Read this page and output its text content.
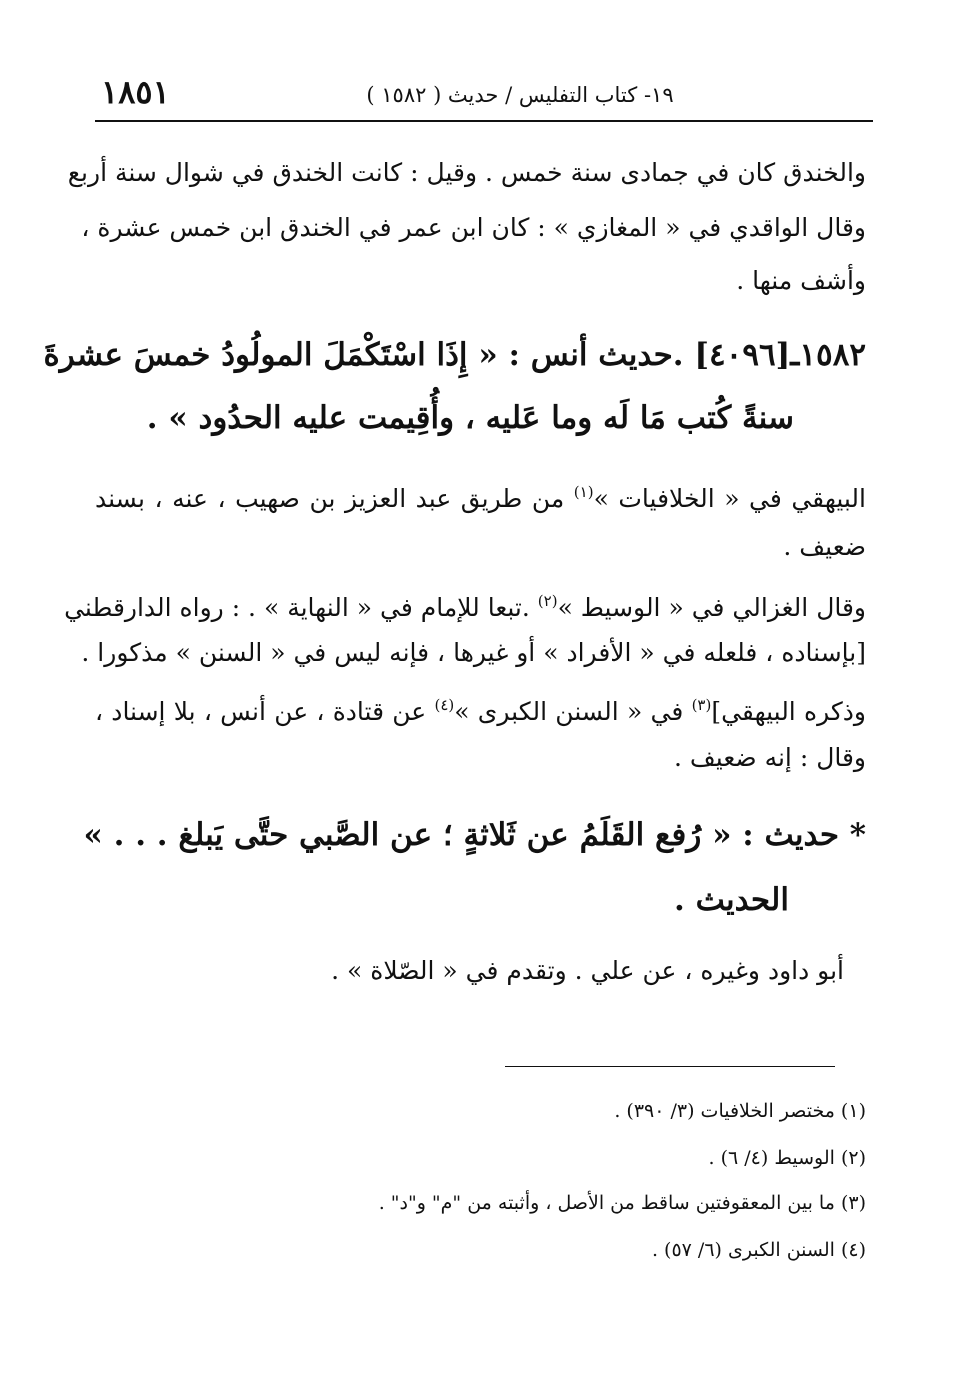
١٨٥١	١٩- كتاب التفليس / حديث ( ١٥٨٢ )
والخندق كان في جمادى سنة خمس . وقيل : كانت الخندق في شوال سنة أربع
وقال الواقدي في « المغازي » : كان ابن عمر في الخندق ابن خمس عشرة ،
وأشف منها .
١٥٨٢ـ[٤٠٩٦] .حديث أنس : « إِذَا اسْتَكْمَلَ المولُودُ خمسَ عشرةَ
سنةً كُتب مَا لَه وما عَليه ، وأُقِيمت عليه الحدُود » .
البيهقي في « الخلافيات »$^{(١)}$ من طريق عبد العزيز بن صهيب ، عنه ، بسند
ضعيف .
وقال الغزالي في « الوسيط »$^{(٢)}$ .تبعا للإمام في « النهاية » . : رواه الدارقطني
[بإسناده ، فلعله في « الأفراد » أو غيرها ، فإنه ليس في « السنن » مذكورا .
وذكره البيهقي]$^{(٣)}$ في « السنن الكبرى »$^{(٤)}$ عن قتادة ، عن أنس ، بلا إسناد ،
وقال : إنه ضعيف .
* حديث : « رُفع القَلَمُ عن ثَلاثةٍ ؛ عن الصَّبي حتَّى يَبلغ . . . »
الحديث .
أبو داود وغيره ، عن علي . وتقدم في « الصّلاة » .
(١) مختصر الخلافيات (٣/ ٣٩٠) .
(٢) الوسيط (٤/ ٦) .
(٣) ما بين المعقوفتين ساقط من الأصل ، وأثبته من "م" و"د" .
(٤) السنن الكبرى (٦/ ٥٧) .
